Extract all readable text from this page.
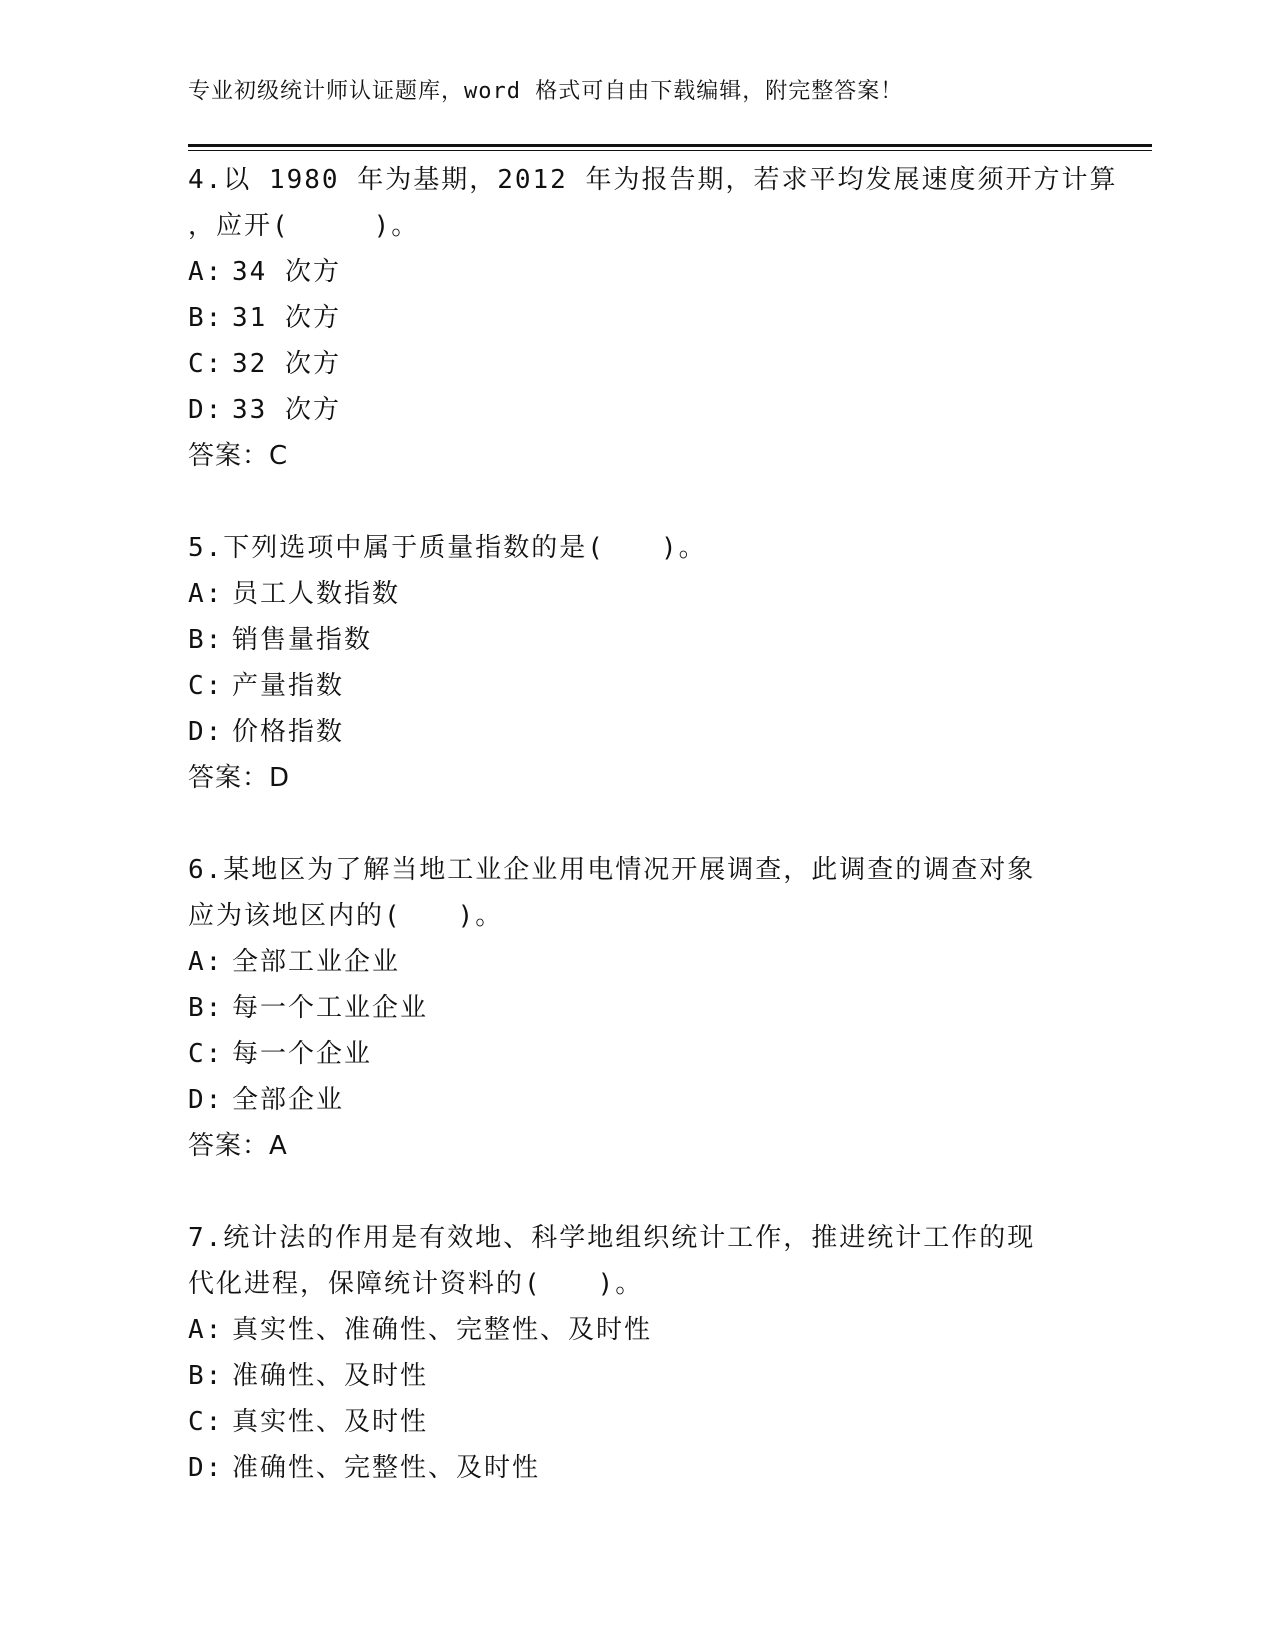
专业初级统计师认证题库，word 格式可自由下载编辑，附完整答案！
4.以 1980 年为基期，2012 年为报告期，若求平均发展速度须开方计算
，应开(　　　)。
A: 34 次方
B: 31 次方
C: 32 次方
D: 33 次方
答案：C
5.下列选项中属于质量指数的是(　　)。
A: 员工人数指数
B: 销售量指数
C: 产量指数
D: 价格指数
答案：D
6.某地区为了解当地工业企业用电情况开展调查，此调查的调查对象
应为该地区内的(　　)。
A: 全部工业企业
B: 每一个工业企业
C: 每一个企业
D: 全部企业
答案：A
7.统计法的作用是有效地、科学地组织统计工作，推进统计工作的现
代化进程，保障统计资料的(　　)。
A: 真实性、准确性、完整性、及时性
B: 准确性、及时性
C: 真实性、及时性
D: 准确性、完整性、及时性
